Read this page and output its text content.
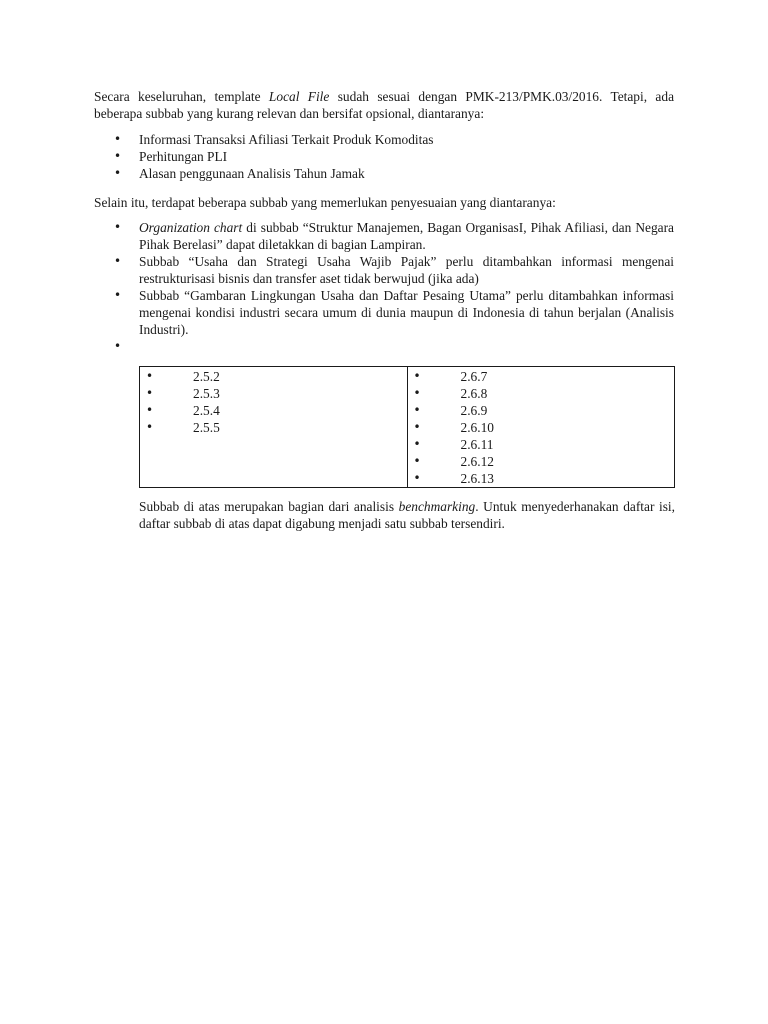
Secara keseluruhan, template Local File sudah sesuai dengan PMK-213/PMK.03/2016. Tetapi, ada beberapa subbab yang kurang relevan dan bersifat opsional, diantaranya:

• Informasi Transaksi Afiliasi Terkait Produk Komoditas
• Perhitungan PLI
• Alasan penggunaan Analisis Tahun Jamak

Selain itu, terdapat beberapa subbab yang memerlukan penyesuaian yang diantaranya:

• Organization chart di subbab “Struktur Manajemen, Bagan OrganisasI, Pihak Afiliasi, dan Negara Pihak Berelasi” dapat diletakkan di bagian Lampiran.
• Subbab “Usaha dan Strategi Usaha Wajib Pajak” perlu ditambahkan informasi mengenai restrukturisasi bisnis dan transfer aset tidak berwujud (jika ada)
• Subbab “Gambaran Lingkungan Usaha dan Daftar Pesaing Utama” perlu ditambahkan informasi mengenai kondisi industri secara umum di dunia maupun di Indonesia di tahun berjalan (Analisis Industri).
•
• 2.5.2
• 2.5.3
• 2.5.4
• 2.5.5

• 2.6.7
• 2.6.8
• 2.6.9
• 2.6.10
• 2.6.11
• 2.6.12
• 2.6.13

Subbab di atas merupakan bagian dari analisis benchmarking. Untuk menyederhanakan daftar isi, daftar subbab di atas dapat digabung menjadi satu subbab tersendiri.
